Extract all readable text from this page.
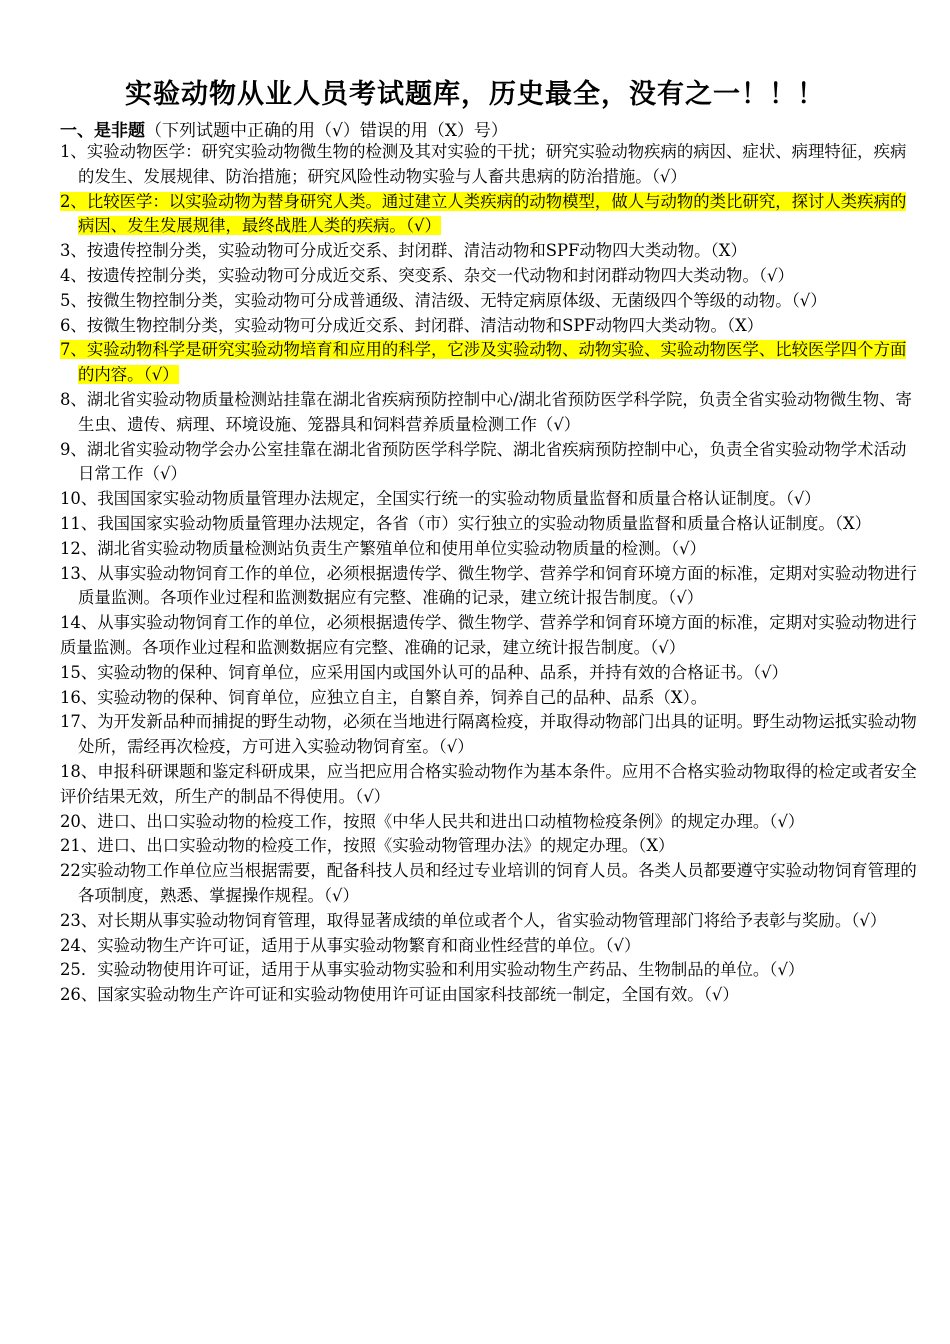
实验动物从业人员考试题库，历史最全，没有之一！！！
一、是非题（下列试题中正确的用（√）错误的用（X）号）

1、实验动物医学：研究实验动物微生物的检测及其对实验的干扰；研究实验动物疾病的病因、症状、病理特征，疾病的发生、发展规律、防治措施；研究风险性动物实验与人畜共患病的防治措施。（√）

2、比较医学：以实验动物为替身研究人类。通过建立人类疾病的动物模型，做人与动物的类比研究，探讨人类疾病的病因、发生发展规律，最终战胜人类的疾病。（√）

3、按遗传控制分类，实验动物可分成近交系、封闭群、清洁动物和SPF动物四大类动物。（X）

4、按遗传控制分类，实验动物可分成近交系、突变系、杂交一代动物和封闭群动物四大类动物。（√）

5、按微生物控制分类，实验动物可分成普通级、清洁级、无特定病原体级、无菌级四个等级的动物。（√）

6、按微生物控制分类，实验动物可分成近交系、封闭群、清洁动物和SPF动物四大类动物。（X）

7、实验动物科学是研究实验动物培育和应用的科学，它涉及实验动物、动物实验、实验动物医学、比较医学四个方面的内容。（√）

8、湖北省实验动物质量检测站挂靠在湖北省疾病预防控制中心/湖北省预防医学科学院，负责全省实验动物微生物、寄生虫、遗传、病理、环境设施、笼器具和饲料营养质量检测工作（√）

9、湖北省实验动物学会办公室挂靠在湖北省预防医学科学院、湖北省疾病预防控制中心，负责全省实验动物学术活动日常工作（√）

10、我国国家实验动物质量管理办法规定，全国实行统一的实验动物质量监督和质量合格认证制度。（√）

11、我国国家实验动物质量管理办法规定，各省（市）实行独立的实验动物质量监督和质量合格认证制度。（X）

12、湖北省实验动物质量检测站负责生产繁殖单位和使用单位实验动物质量的检测。（√）

13、从事实验动物饲育工作的单位，必须根据遗传学、微生物学、营养学和饲育环境方面的标准，定期对实验动物进行质量监测。各项作业过程和监测数据应有完整、准确的记录，建立统计报告制度。（√）

14、从事实验动物饲育工作的单位，必须根据遗传学、微生物学、营养学和饲育环境方面的标准，定期对实验动物进行质量监测。各项作业过程和监测数据应有完整、准确的记录，建立统计报告制度。（√）

15、实验动物的保种、饲育单位，应采用国内或国外认可的品种、品系，并持有效的合格证书。（√）

16、实验动物的保种、饲育单位，应独立自主，自繁自养，饲养自己的品种、品系（X）。

17、为开发新品种而捕捉的野生动物，必须在当地进行隔离检疫，并取得动物部门出具的证明。野生动物运抵实验动物处所，需经再次检疫，方可进入实验动物饲育室。（√）

18、申报科研课题和鉴定科研成果，应当把应用合格实验动物作为基本条件。应用不合格实验动物取得的检定或者安全评价结果无效，所生产的制品不得使用。（√）

20、进口、出口实验动物的检疫工作，按照《中华人民共和进出口动植物检疫条例》的规定办理。（√）

21、进口、出口实验动物的检疫工作，按照《实验动物管理办法》的规定办理。（X）

22实验动物工作单位应当根据需要，配备科技人员和经过专业培训的饲育人员。各类人员都要遵守实验动物饲育管理的各项制度，熟悉、掌握操作规程。（√）

23、对长期从事实验动物饲育管理，取得显著成绩的单位或者个人，省实验动物管理部门将给予表彰与奖励。（√）

24、实验动物生产许可证，适用于从事实验动物繁育和商业性经营的单位。（√）

25．实验动物使用许可证，适用于从事实验动物实验和利用实验动物生产药品、生物制品的单位。（√）

26、国家实验动物生产许可证和实验动物使用许可证由国家科技部统一制定，全国有效。（√）
